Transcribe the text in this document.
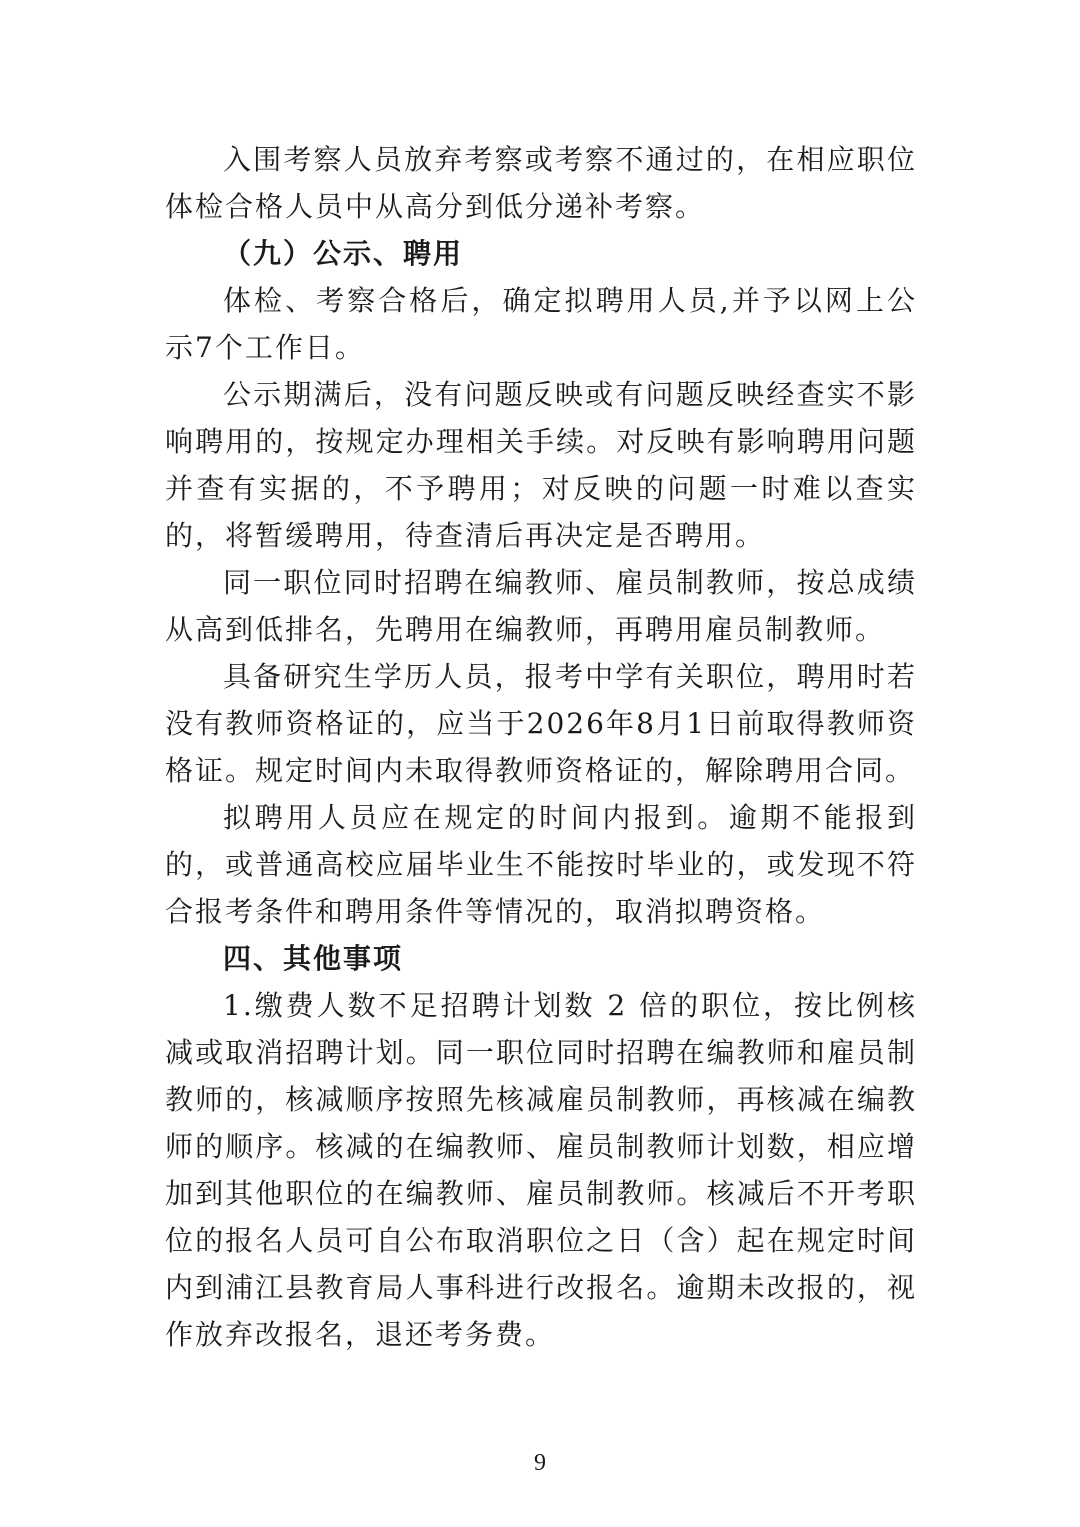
入围考察人员放弃考察或考察不通过的，在相应职位体检合格人员中从高分到低分递补考察。

（九）公示、聘用

体检、考察合格后，确定拟聘用人员,并予以网上公示7个工作日。

公示期满后，没有问题反映或有问题反映经查实不影响聘用的，按规定办理相关手续。对反映有影响聘用问题并查有实据的，不予聘用；对反映的问题一时难以查实的，将暂缓聘用，待查清后再决定是否聘用。

同一职位同时招聘在编教师、雇员制教师，按总成绩从高到低排名，先聘用在编教师，再聘用雇员制教师。

具备研究生学历人员，报考中学有关职位，聘用时若没有教师资格证的，应当于2026年8月1日前取得教师资格证。规定时间内未取得教师资格证的，解除聘用合同。

拟聘用人员应在规定的时间内报到。逾期不能报到的，或普通高校应届毕业生不能按时毕业的，或发现不符合报考条件和聘用条件等情况的，取消拟聘资格。

四、其他事项

1.缴费人数不足招聘计划数 2 倍的职位，按比例核减或取消招聘计划。同一职位同时招聘在编教师和雇员制教师的，核减顺序按照先核减雇员制教师，再核减在编教师的顺序。核减的在编教师、雇员制教师计划数，相应增加到其他职位的在编教师、雇员制教师。核减后不开考职位的报名人员可自公布取消职位之日（含）起在规定时间内到浦江县教育局人事科进行改报名。逾期未改报的，视作放弃改报名，退还考务费。

9
